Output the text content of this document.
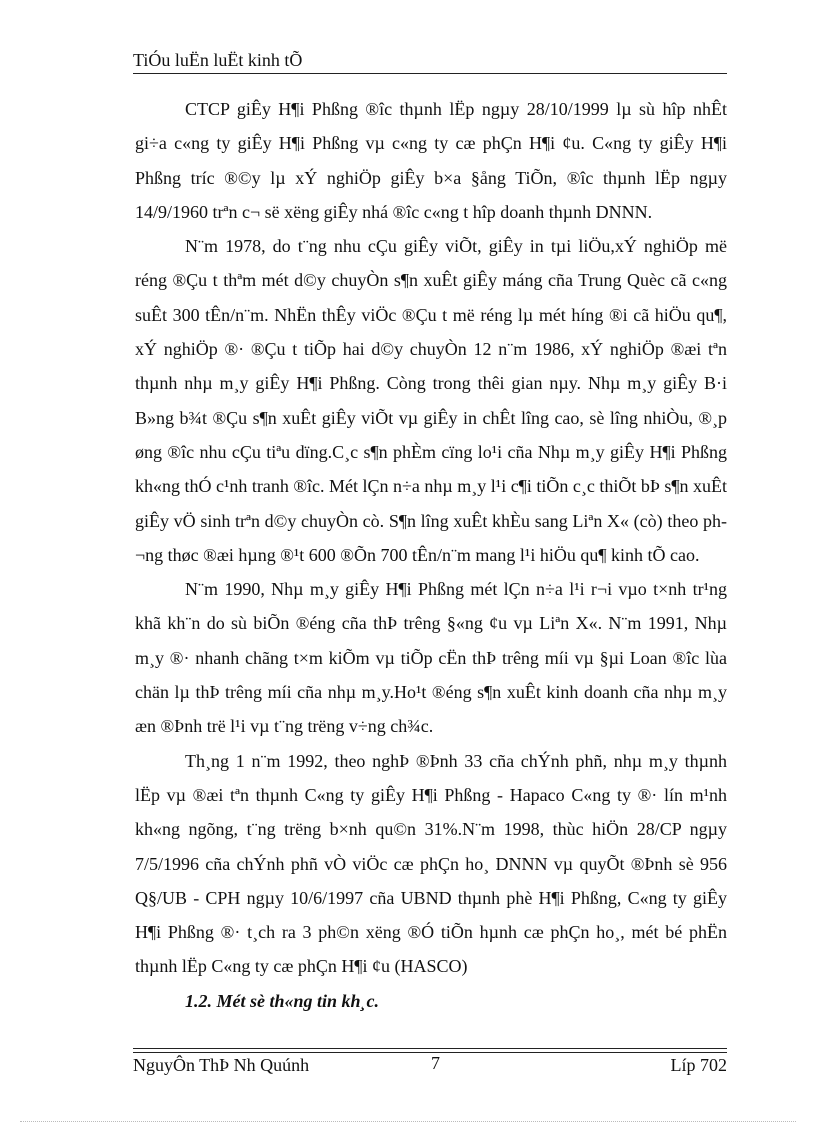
TiÓu luËn luËt kinh tÕ

CTCP giÊy H¶i Phßng ®îc thµnh lËp ngµy 28/10/1999 lµ sù hîp nhÊt gi÷a c«ng ty giÊy H¶i Phßng vµ c«ng ty cæ phÇn H¶i ¢u. C«ng ty giÊy H¶i Phßng tríc ®©y lµ xÝ nghiÖp giÊy b×a §ång TiÕn, ®îc thµnh lËp ngµy 14/9/1960 trªn c¬ së xëng giÊy nhá ®îc c«ng t hîp doanh thµnh DNNN.

N¨m 1978, do t¨ng nhu cÇu giÊy viÕt, giÊy in tµi liÖu,xÝ nghiÖp më réng ®Çu t thªm mét d©y chuyÒn s¶n xuÊt giÊy máng cña Trung Quèc cã c«ng suÊt 300 tÊn/n¨m. NhËn thÊy viÖc ®Çu t më réng lµ mét híng ®i cã hiÖu qu¶, xÝ nghiÖp ®· ®Çu t tiÕp hai d©y chuyÒn 12 n¨m 1986, xÝ nghiÖp ®æi tªn thµnh nhµ m¸y giÊy H¶i Phßng. Còng trong thêi gian nµy. Nhµ m¸y giÊy B·i B»ng b¾t ®Çu s¶n xuÊt giÊy viÕt vµ giÊy in chÊt lîng cao, sè lîng nhiÒu, ®¸p øng ®îc nhu cÇu tiªu dïng.C¸c s¶n phÈm cïng lo¹i cña Nhµ m¸y giÊy H¶i Phßng kh«ng thÓ c¹nh tranh ®îc. Mét lÇn n÷a nhµ m¸y l¹i c¶i tiÕn c¸c thiÕt bÞ s¶n xuÊt giÊy vÖ sinh trªn d©y chuyÒn cò. S¶n lîng xuÊt khÈu sang Liªn X« (cò) theo ph¬ng thøc ®æi hµng ®¹t 600 ®Õn 700 tÊn/n¨m mang l¹i hiÖu qu¶ kinh tÕ cao.

N¨m 1990, Nhµ m¸y giÊy H¶i Phßng mét lÇn n÷a l¹i r¬i vµo t×nh tr¹ng khã kh¨n do sù biÕn ®éng cña thÞ trêng §«ng ¢u vµ Liªn X«. N¨m 1991, Nhµ m¸y ®· nhanh chãng t×m kiÕm vµ tiÕp cËn thÞ trêng míi vµ §µi Loan ®îc lùa chän lµ thÞ trêng míi cña nhµ m¸y.Ho¹t ®éng s¶n xuÊt kinh doanh cña nhµ m¸y æn ®Þnh trë l¹i vµ t¨ng trëng v÷ng ch¾c.

Th¸ng 1 n¨m 1992, theo nghÞ ®Þnh 33 cña chÝnh phñ, nhµ m¸y thµnh lËp vµ ®æi tªn thµnh C«ng ty giÊy H¶i Phßng - Hapaco C«ng ty ®· lín m¹nh kh«ng ngõng, t¨ng trëng b×nh qu©n 31%.N¨m 1998, thùc hiÖn 28/CP ngµy 7/5/1996 cña chÝnh phñ vÒ viÖc cæ phÇn ho¸ DNNN vµ quyÕt ®Þnh sè 956 Q§/UB - CPH ngµy 10/6/1997 cña UBND thµnh phè H¶i Phßng, C«ng ty giÊy H¶i Phßng ®· t¸ch ra 3 ph©n xëng ®Ó tiÕn hµnh cæ phÇn ho¸, mét bé phËn thµnh lËp C«ng ty cæ phÇn H¶i ¢u (HASCO)

1.2. Mét sè th«ng tin kh¸c.

NguyÔn ThÞ Nh Quúnh	7	Líp 702
